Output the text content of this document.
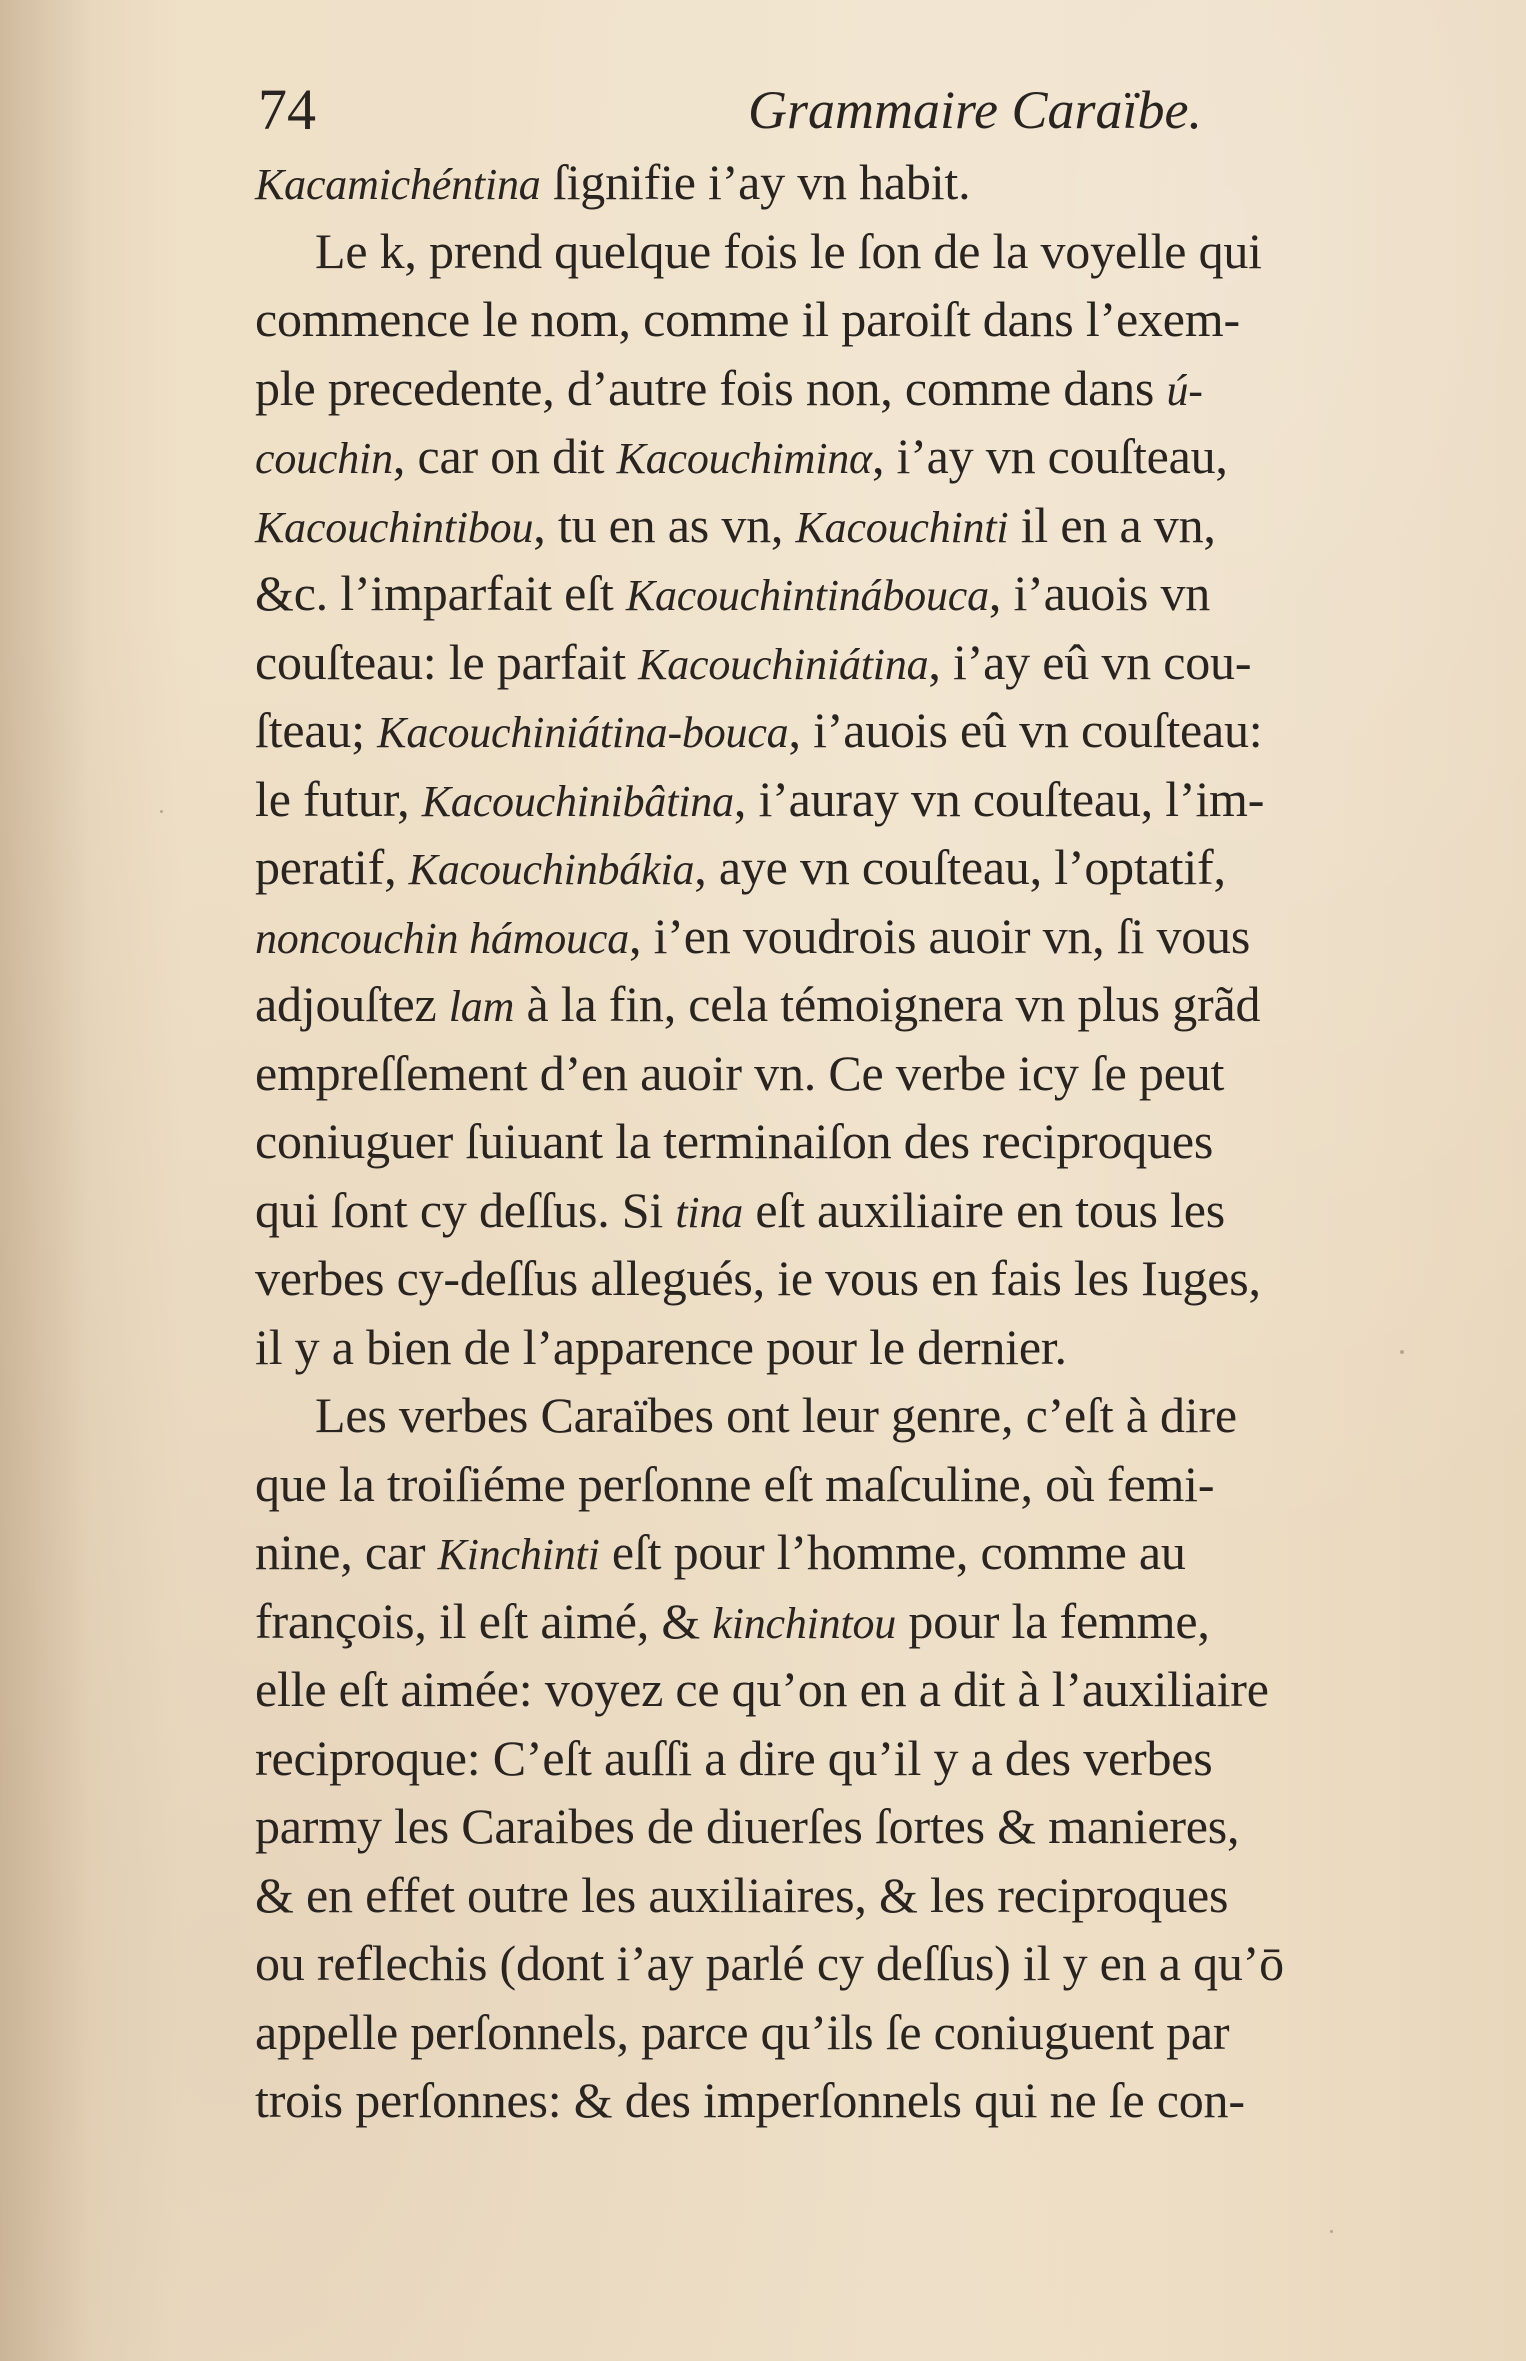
74	Grammaire Caraïbe.
Kacamichéntina ſignifie i’ay vn habit.
Le k, prend quelque fois le ſon de la voyelle qui
commence le nom, comme il paroiſt dans l’exem-
ple precedente, d’autre fois non, comme dans ú-
couchin, car on dit Kacouchiminα, i’ay vn couſteau,
Kacouchintibou, tu en as vn, Kacouchinti il en a vn,
&c. l’imparfait eſt Kacouchintinábouca, i’auois vn
couſteau: le parfait Kacouchiniátina, i’ay eû vn cou-
ſteau; Kacouchiniátina-bouca, i’auois eû vn couſteau:
le futur, Kacouchinibâtina, i’auray vn couſteau, l’im-
peratif, Kacouchinbákia, aye vn couſteau, l’optatif,
noncouchin hámouca, i’en voudrois auoir vn, ſi vous
adjouſtez lam à la fin, cela témoignera vn plus grãd
empreſſement d’en auoir vn. Ce verbe icy ſe peut
coniuguer ſuiuant la terminaiſon des reciproques
qui ſont cy deſſus. Si tina eſt auxiliaire en tous les
verbes cy-deſſus allegués, ie vous en fais les Iuges,
il y a bien de l’apparence pour le dernier.
Les verbes Caraïbes ont leur genre, c’eſt à dire
que la troiſiéme perſonne eſt maſculine, où femi-
nine, car Kinchinti eſt pour l’homme, comme au
françois, il eſt aimé, & kinchintou pour la femme,
elle eſt aimée: voyez ce qu’on en a dit à l’auxiliaire
reciproque: C’eſt auſſi a dire qu’il y a des verbes
parmy les Caraibes de diuerſes ſortes & manieres,
& en effet outre les auxiliaires, & les reciproques
ou reflechis (dont i’ay parlé cy deſſus) il y en a qu’ō
appelle perſonnels, parce qu’ils ſe coniuguent par
trois perſonnes: & des imperſonnels qui ne ſe con-
